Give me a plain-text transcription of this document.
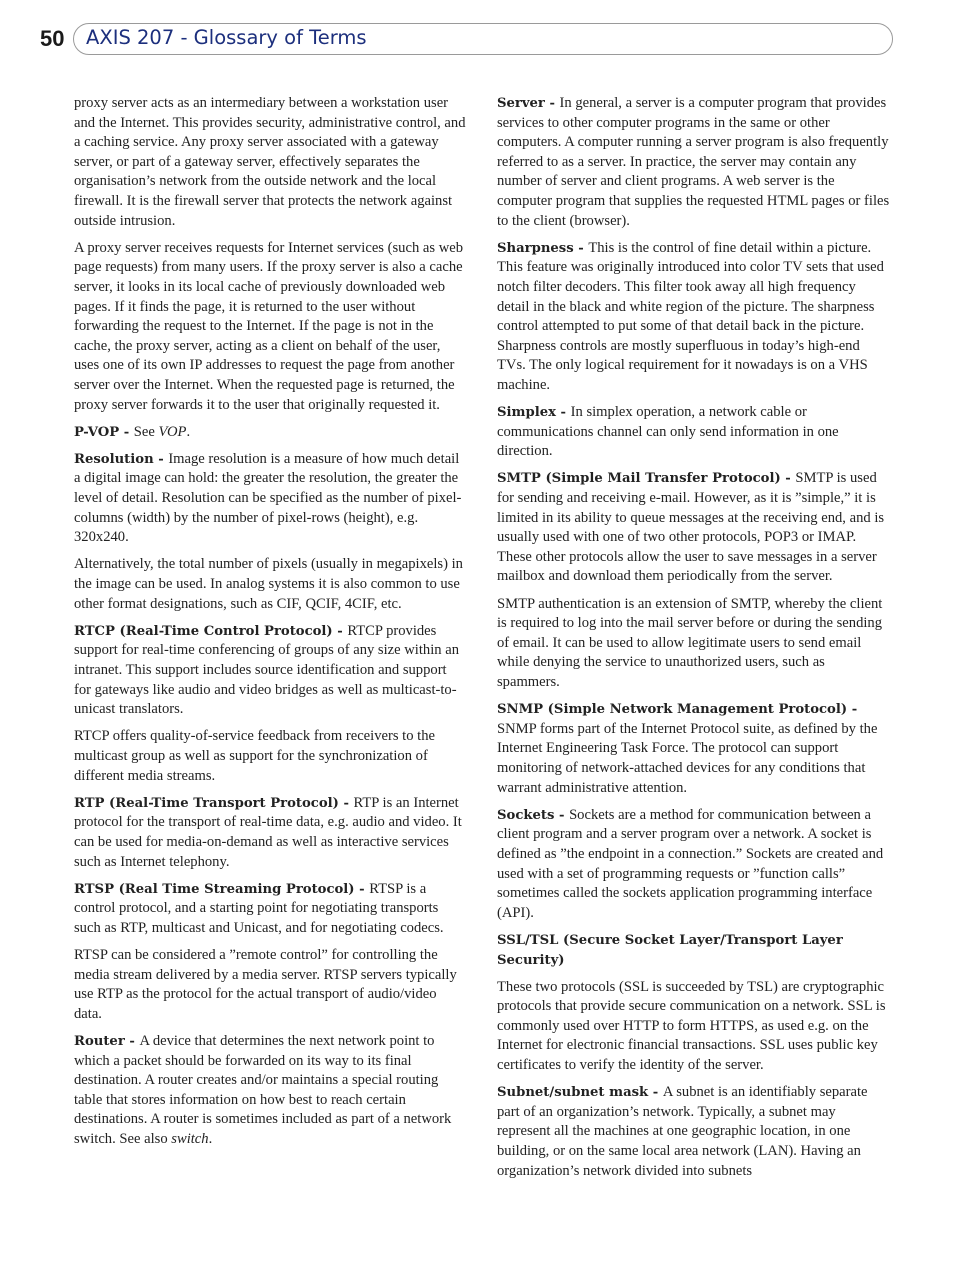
50 AXIS 207 - Glossary of Terms

proxy server acts as an intermediary between a workstation user and the Internet. This provides security, administrative control, and a caching service. Any proxy server associated with a gateway server, or part of a gateway server, effectively separates the organisation’s network from the outside network and the local firewall. It is the firewall server that protects the network against outside intrusion.

A proxy server receives requests for Internet services (such as web page requests) from many users. If the proxy server is also a cache server, it looks in its local cache of previously downloaded web pages. If it finds the page, it is returned to the user without forwarding the request to the Internet. If the page is not in the cache, the proxy server, acting as a client on behalf of the user, uses one of its own IP addresses to request the page from another server over the Internet. When the requested page is returned, the proxy server forwards it to the user that originally requested it.

P-VOP - See VOP.

Resolution - Image resolution is a measure of how much detail a digital image can hold: the greater the resolution, the greater the level of detail. Resolution can be specified as the number of pixel-columns (width) by the number of pixel-rows (height), e.g. 320x240.

Alternatively, the total number of pixels (usually in megapixels) in the image can be used. In analog systems it is also common to use other format designations, such as CIF, QCIF, 4CIF, etc.

RTCP (Real-Time Control Protocol) - RTCP provides support for real-time conferencing of groups of any size within an intranet. This support includes source identification and support for gateways like audio and video bridges as well as multicast-to-unicast translators.

RTCP offers quality-of-service feedback from receivers to the multicast group as well as support for the synchronization of different media streams.

RTP (Real-Time Transport Protocol) - RTP is an Internet protocol for the transport of real-time data, e.g. audio and video. It can be used for media-on-demand as well as interactive services such as Internet telephony.

RTSP (Real Time Streaming Protocol) - RTSP is a control protocol, and a starting point for negotiating transports such as RTP, multicast and Unicast, and for negotiating codecs.

RTSP can be considered a ”remote control” for controlling the media stream delivered by a media server. RTSP servers typically use RTP as the protocol for the actual transport of audio/video data.

Router - A device that determines the next network point to which a packet should be forwarded on its way to its final destination. A router creates and/or maintains a special routing table that stores information on how best to reach certain destinations. A router is sometimes included as part of a network switch. See also switch.

Server - In general, a server is a computer program that provides services to other computer programs in the same or other computers. A computer running a server program is also frequently referred to as a server. In practice, the server may contain any number of server and client programs. A web server is the computer program that supplies the requested HTML pages or files to the client (browser).

Sharpness - This is the control of fine detail within a picture. This feature was originally introduced into color TV sets that used notch filter decoders. This filter took away all high frequency detail in the black and white region of the picture. The sharpness control attempted to put some of that detail back in the picture. Sharpness controls are mostly superfluous in today’s high-end TVs. The only logical requirement for it nowadays is on a VHS machine.

Simplex - In simplex operation, a network cable or communications channel can only send information in one direction.

SMTP (Simple Mail Transfer Protocol) - SMTP is used for sending and receiving e-mail. However, as it is ”simple,” it is limited in its ability to queue messages at the receiving end, and is usually used with one of two other protocols, POP3 or IMAP. These other protocols allow the user to save messages in a server mailbox and download them periodically from the server.

SMTP authentication is an extension of SMTP, whereby the client is required to log into the mail server before or during the sending of email. It can be used to allow legitimate users to send email while denying the service to unauthorized users, such as spammers.

SNMP (Simple Network Management Protocol) - SNMP forms part of the Internet Protocol suite, as defined by the Internet Engineering Task Force. The protocol can support monitoring of network-attached devices for any conditions that warrant administrative attention.

Sockets - Sockets are a method for communication between a client program and a server program over a network. A socket is defined as ”the endpoint in a connection.” Sockets are created and used with a set of programming requests or ”function calls” sometimes called the sockets application programming interface (API).

SSL/TSL (Secure Socket Layer/Transport Layer Security)

These two protocols (SSL is succeeded by TSL) are cryptographic protocols that provide secure communication on a network. SSL is commonly used over HTTP to form HTTPS, as used e.g. on the Internet for electronic financial transactions. SSL uses public key certificates to verify the identity of the server.

Subnet/subnet mask - A subnet is an identifiably separate part of an organization’s network. Typically, a subnet may represent all the machines at one geographic location, in one building, or on the same local area network (LAN). Having an organization’s network divided into subnets
